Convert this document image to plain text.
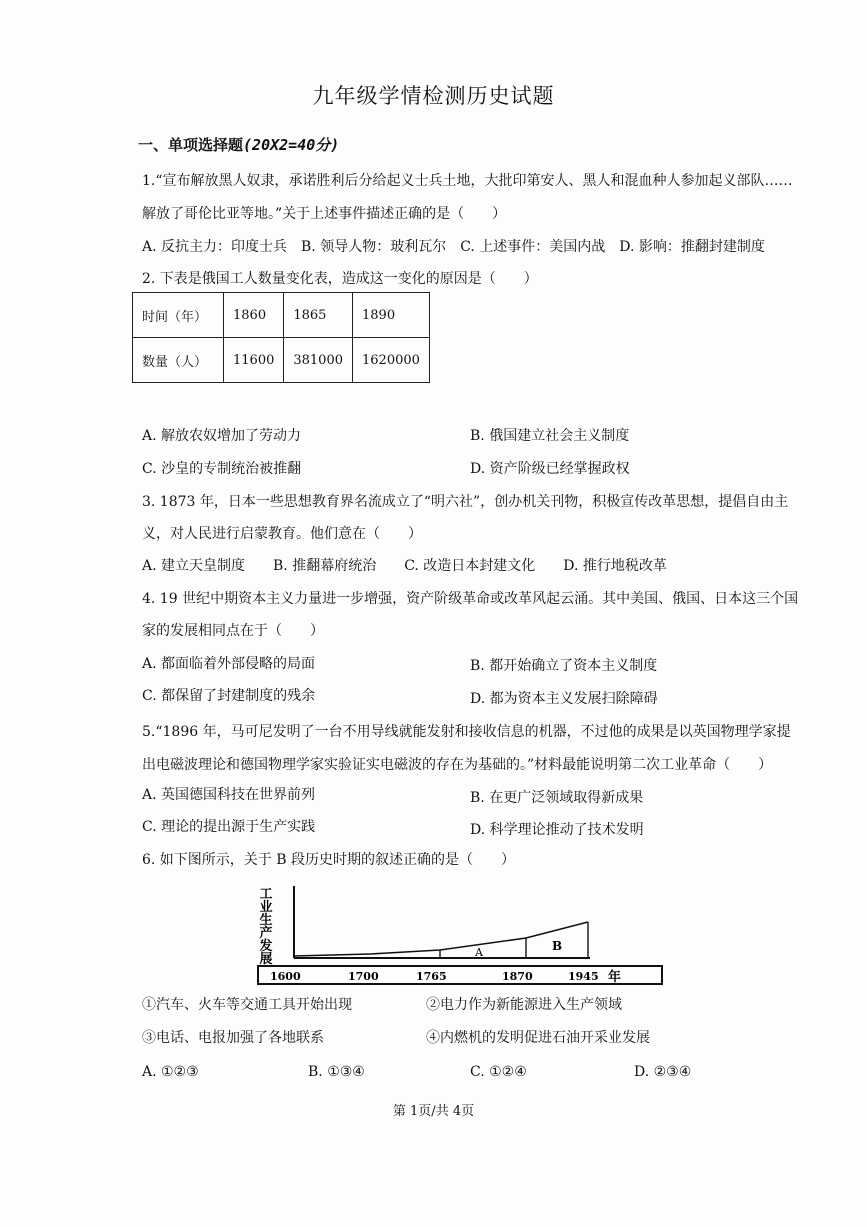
九年级学情检测历史试题
一、单项选择题(20X2=40分)
1.“宣布解放黑人奴隶，承诺胜利后分给起义士兵土地，大批印第安人、黑人和混血种人参加起义部队……
解放了哥伦比亚等地。”关于上述事件描述正确的是（　　）
A. 反抗主力：印度士兵　B. 领导人物：玻利瓦尔　C. 上述事件：美国内战　D. 影响：推翻封建制度
2. 下表是俄国工人数量变化表，造成这一变化的原因是（　　）
时间（年）	1860	1865	1890
数量（人）	11600	381000	1620000
A. 解放农奴增加了劳动力	B. 俄国建立社会主义制度
C. 沙皇的专制统治被推翻	D. 资产阶级已经掌握政权
3. 1873 年，日本一些思想教育界名流成立了“明六社”，创办机关刊物，积极宣传改革思想，提倡自由主
义，对人民进行启蒙教育。他们意在（　　）
A. 建立天皇制度　　B. 推翻幕府统治　　C. 改造日本封建文化　　D. 推行地税改革
4. 19 世纪中期资本主义力量进一步增强，资产阶级革命或改革风起云涌。其中美国、俄国、日本这三个国
家的发展相同点在于（　　）
A. 都面临着外部侵略的局面	B. 都开始确立了资本主义制度
C. 都保留了封建制度的残余	D. 都为资本主义发展扫除障碍
5.“1896 年，马可尼发明了一台不用导线就能发射和接收信息的机器，不过他的成果是以英国物理学家提
出电磁波理论和德国物理学家实验证实电磁波的存在为基础的。”材料最能说明第二次工业革命（　　）
A. 英国德国科技在世界前列	B. 在更广泛领域取得新成果
C. 理论的提出源于生产实践	D. 科学理论推动了技术发明
6. 如下图所示，关于 B 段历史时期的叙述正确的是（　　）
A	B
1600	1700	1765	1870	1945 年
工
业
生
产
发
展
①汽车、火车等交通工具开始出现	②电力作为新能源进入生产领域
③电话、电报加强了各地联系	④内燃机的发明促进石油开采业发展
A. ①②③	B. ①③④	C. ①②④	D. ②③④
第 1页/共 4页
